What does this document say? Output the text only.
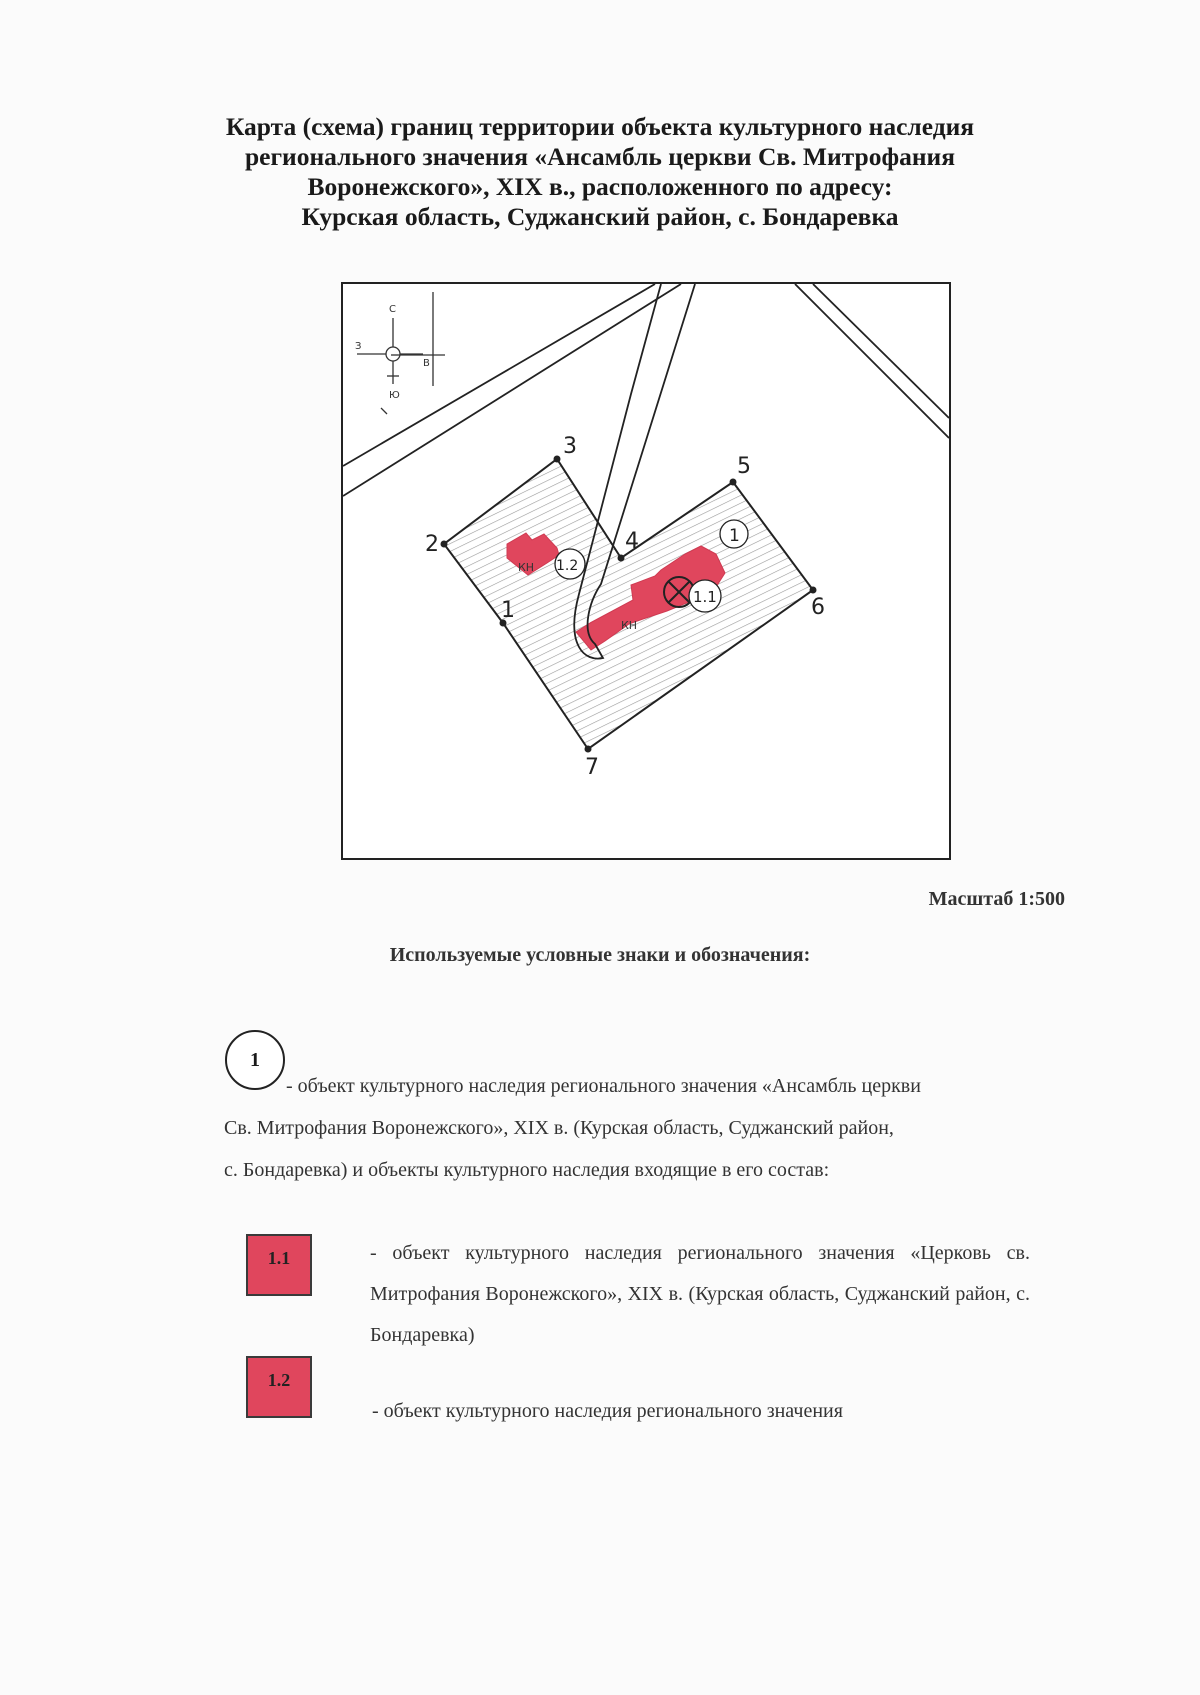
Карта (схема) границ территории объекта культурного наследия
регионального значения «Ансамбль церкви Св. Митрофания
Воронежского», XIX в., расположенного по адресу:
Курская область, Суджанский район, с. Бондаревка
С
З
В
Ю
1
1.1
1.2
КН
КН
1
2
3
4
5
6
7
Масштаб 1:500
Используемые условные знаки и обозначения:
1
- объект культурного наследия регионального значения «Ансамбль церкви
Св. Митрофания Воронежского», XIX в. (Курская область, Суджанский район,
с. Бондаревка) и объекты культурного наследия входящие в его состав:
1.1	- объект культурного наследия регионального значения «Церковь св. Митрофания Воронежского», XIX в. (Курская область, Суджанский район, с. Бондаревка)
1.2
- объект культурного наследия регионального значения
